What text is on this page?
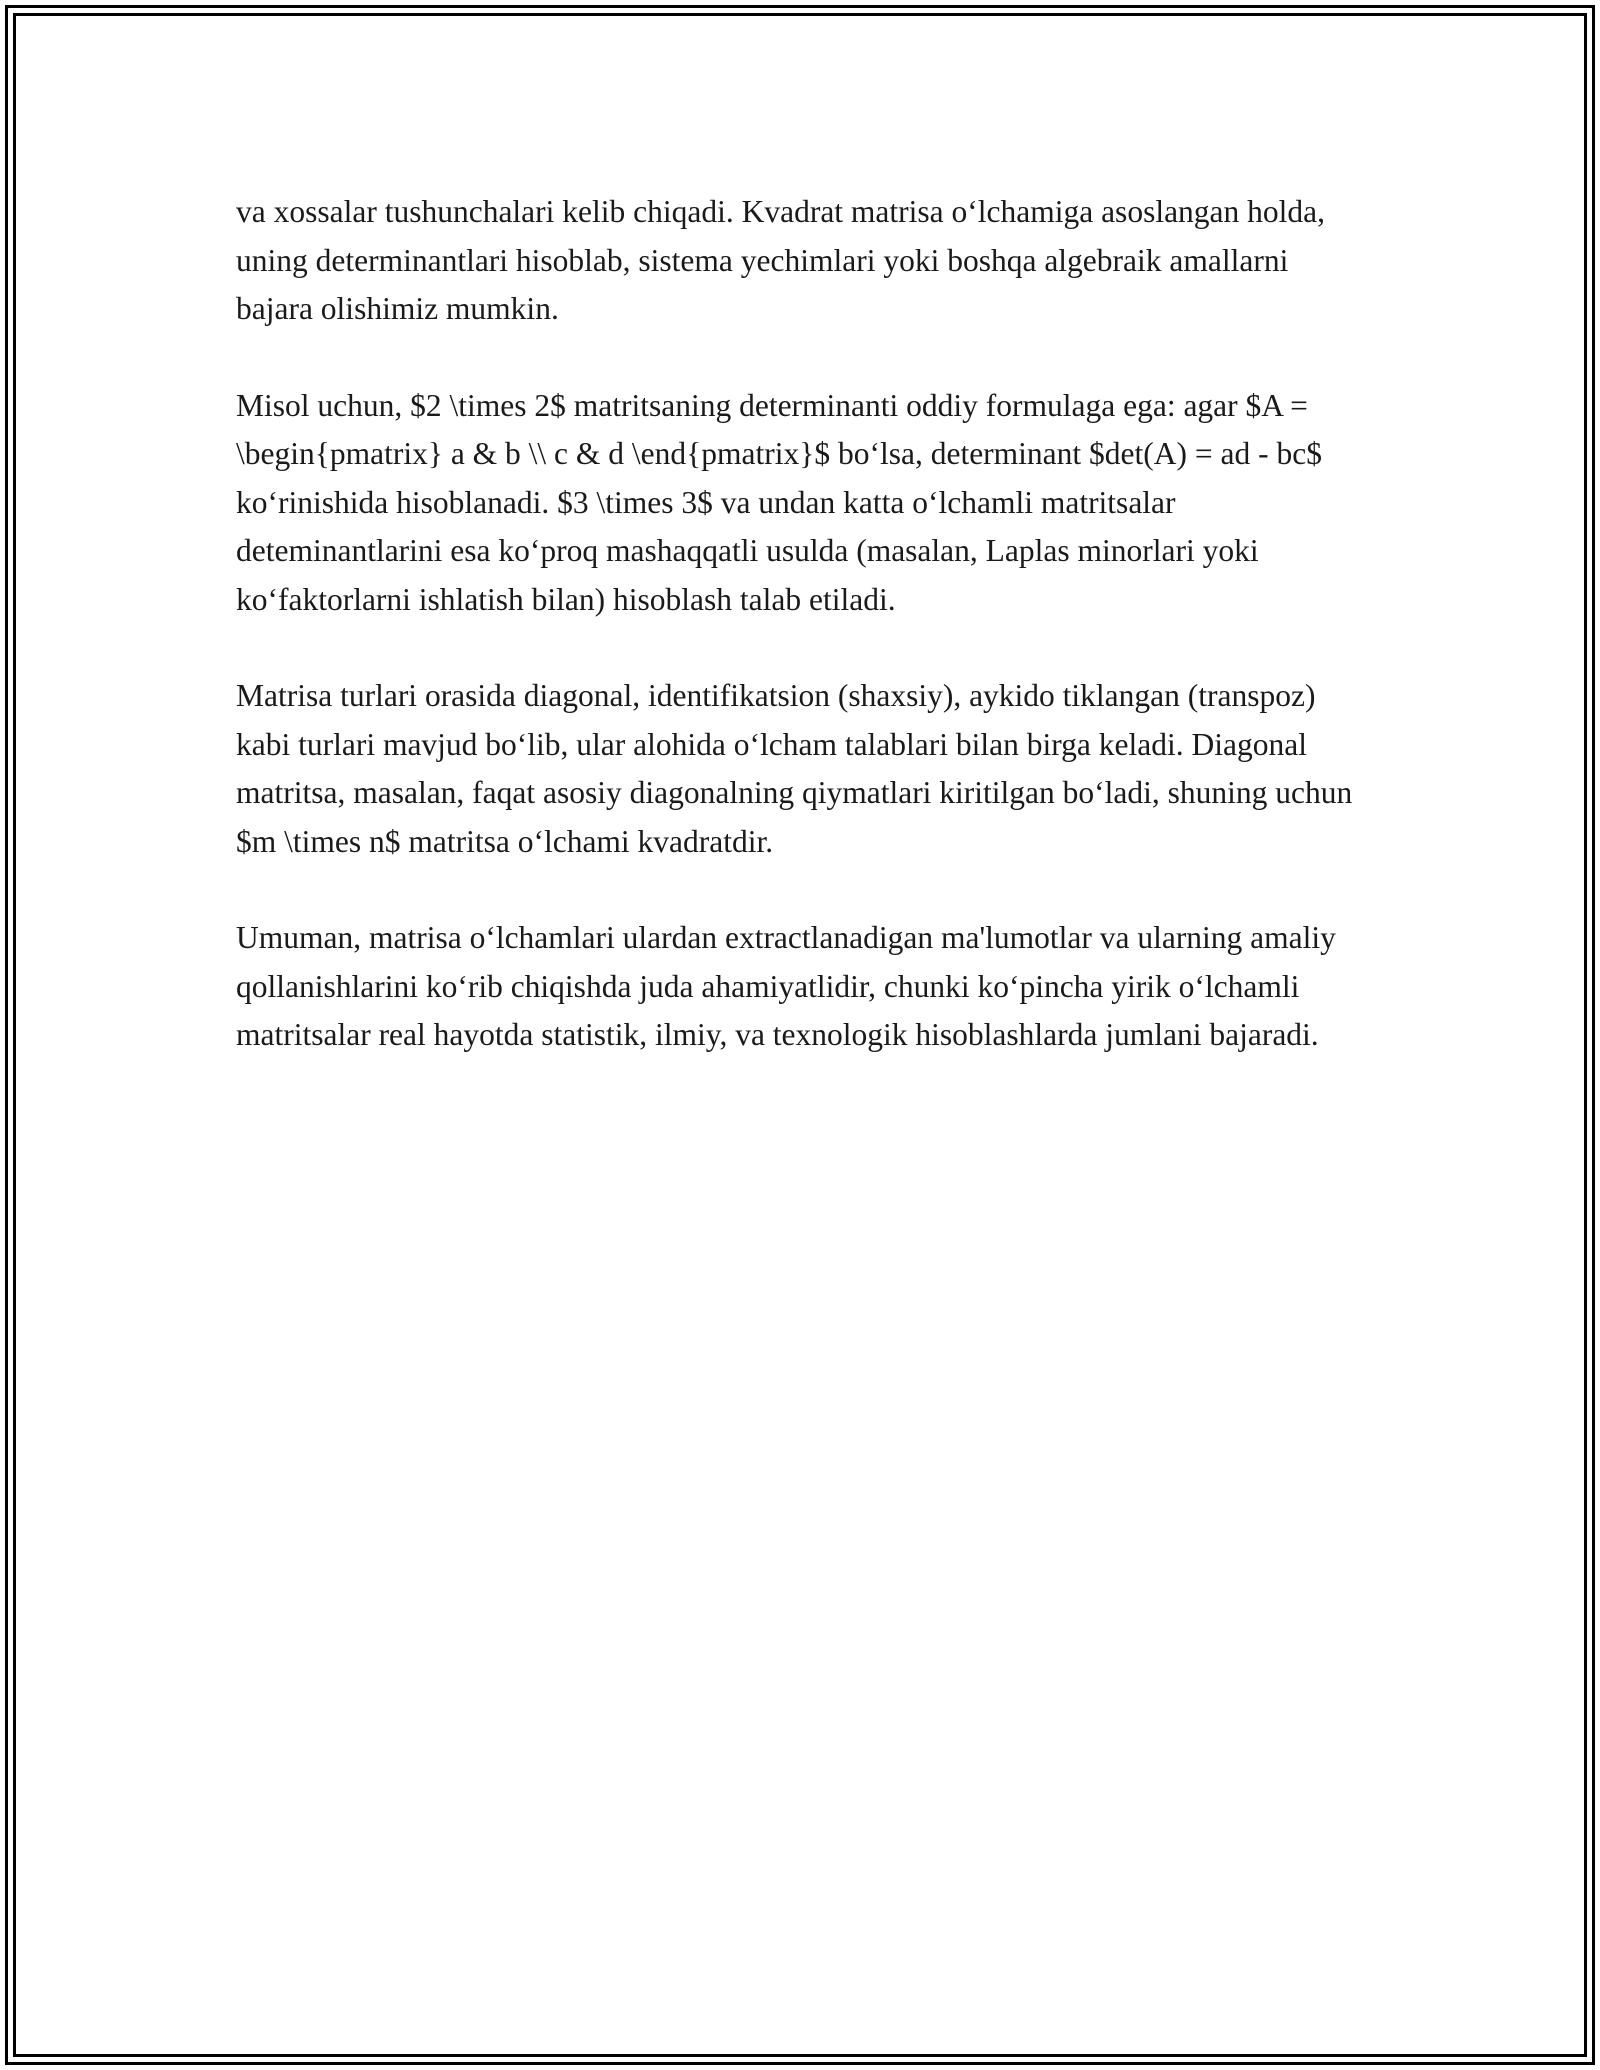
va xossalar tushunchalari kelib chiqadi. Kvadrat matrisa o‘lchamiga asoslangan holda, uning determinantlari hisoblab, sistema yechimlari yoki boshqa algebraik amallarni bajara olishimiz mumkin.

Misol uchun, $2 \times 2$ matritsaning determinanti oddiy formulaga ega: agar $A = \begin{pmatrix} a & b \\ c & d \end{pmatrix}$ bo‘lsa, determinant $det(A) = ad - bc$ ko‘rinishida hisoblanadi. $3 \times 3$ va undan katta o‘lchamli matritsalar deteminantlarini esa ko‘proq mashaqqatli usulda (masalan, Laplas minorlari yoki ko‘faktorlarni ishlatish bilan) hisoblash talab etiladi.

Matrisa turlari orasida diagonal, identifikatsion (shaxsiy), aykido tiklangan (transpoz) kabi turlari mavjud bo‘lib, ular alohida o‘lcham talablari bilan birga keladi. Diagonal matritsa, masalan, faqat asosiy diagonalning qiymatlari kiritilgan bo‘ladi, shuning uchun $m \times n$ matritsa o‘lchami kvadratdir.

Umuman, matrisa o‘lchamlari ulardan extractlanadigan ma'lumotlar va ularning amaliy qollanishlarini ko‘rib chiqishda juda ahamiyatlidir, chunki ko‘pincha yirik o‘lchamli matritsalar real hayotda statistik, ilmiy, va texnologik hisoblashlarda jumlani bajaradi.
